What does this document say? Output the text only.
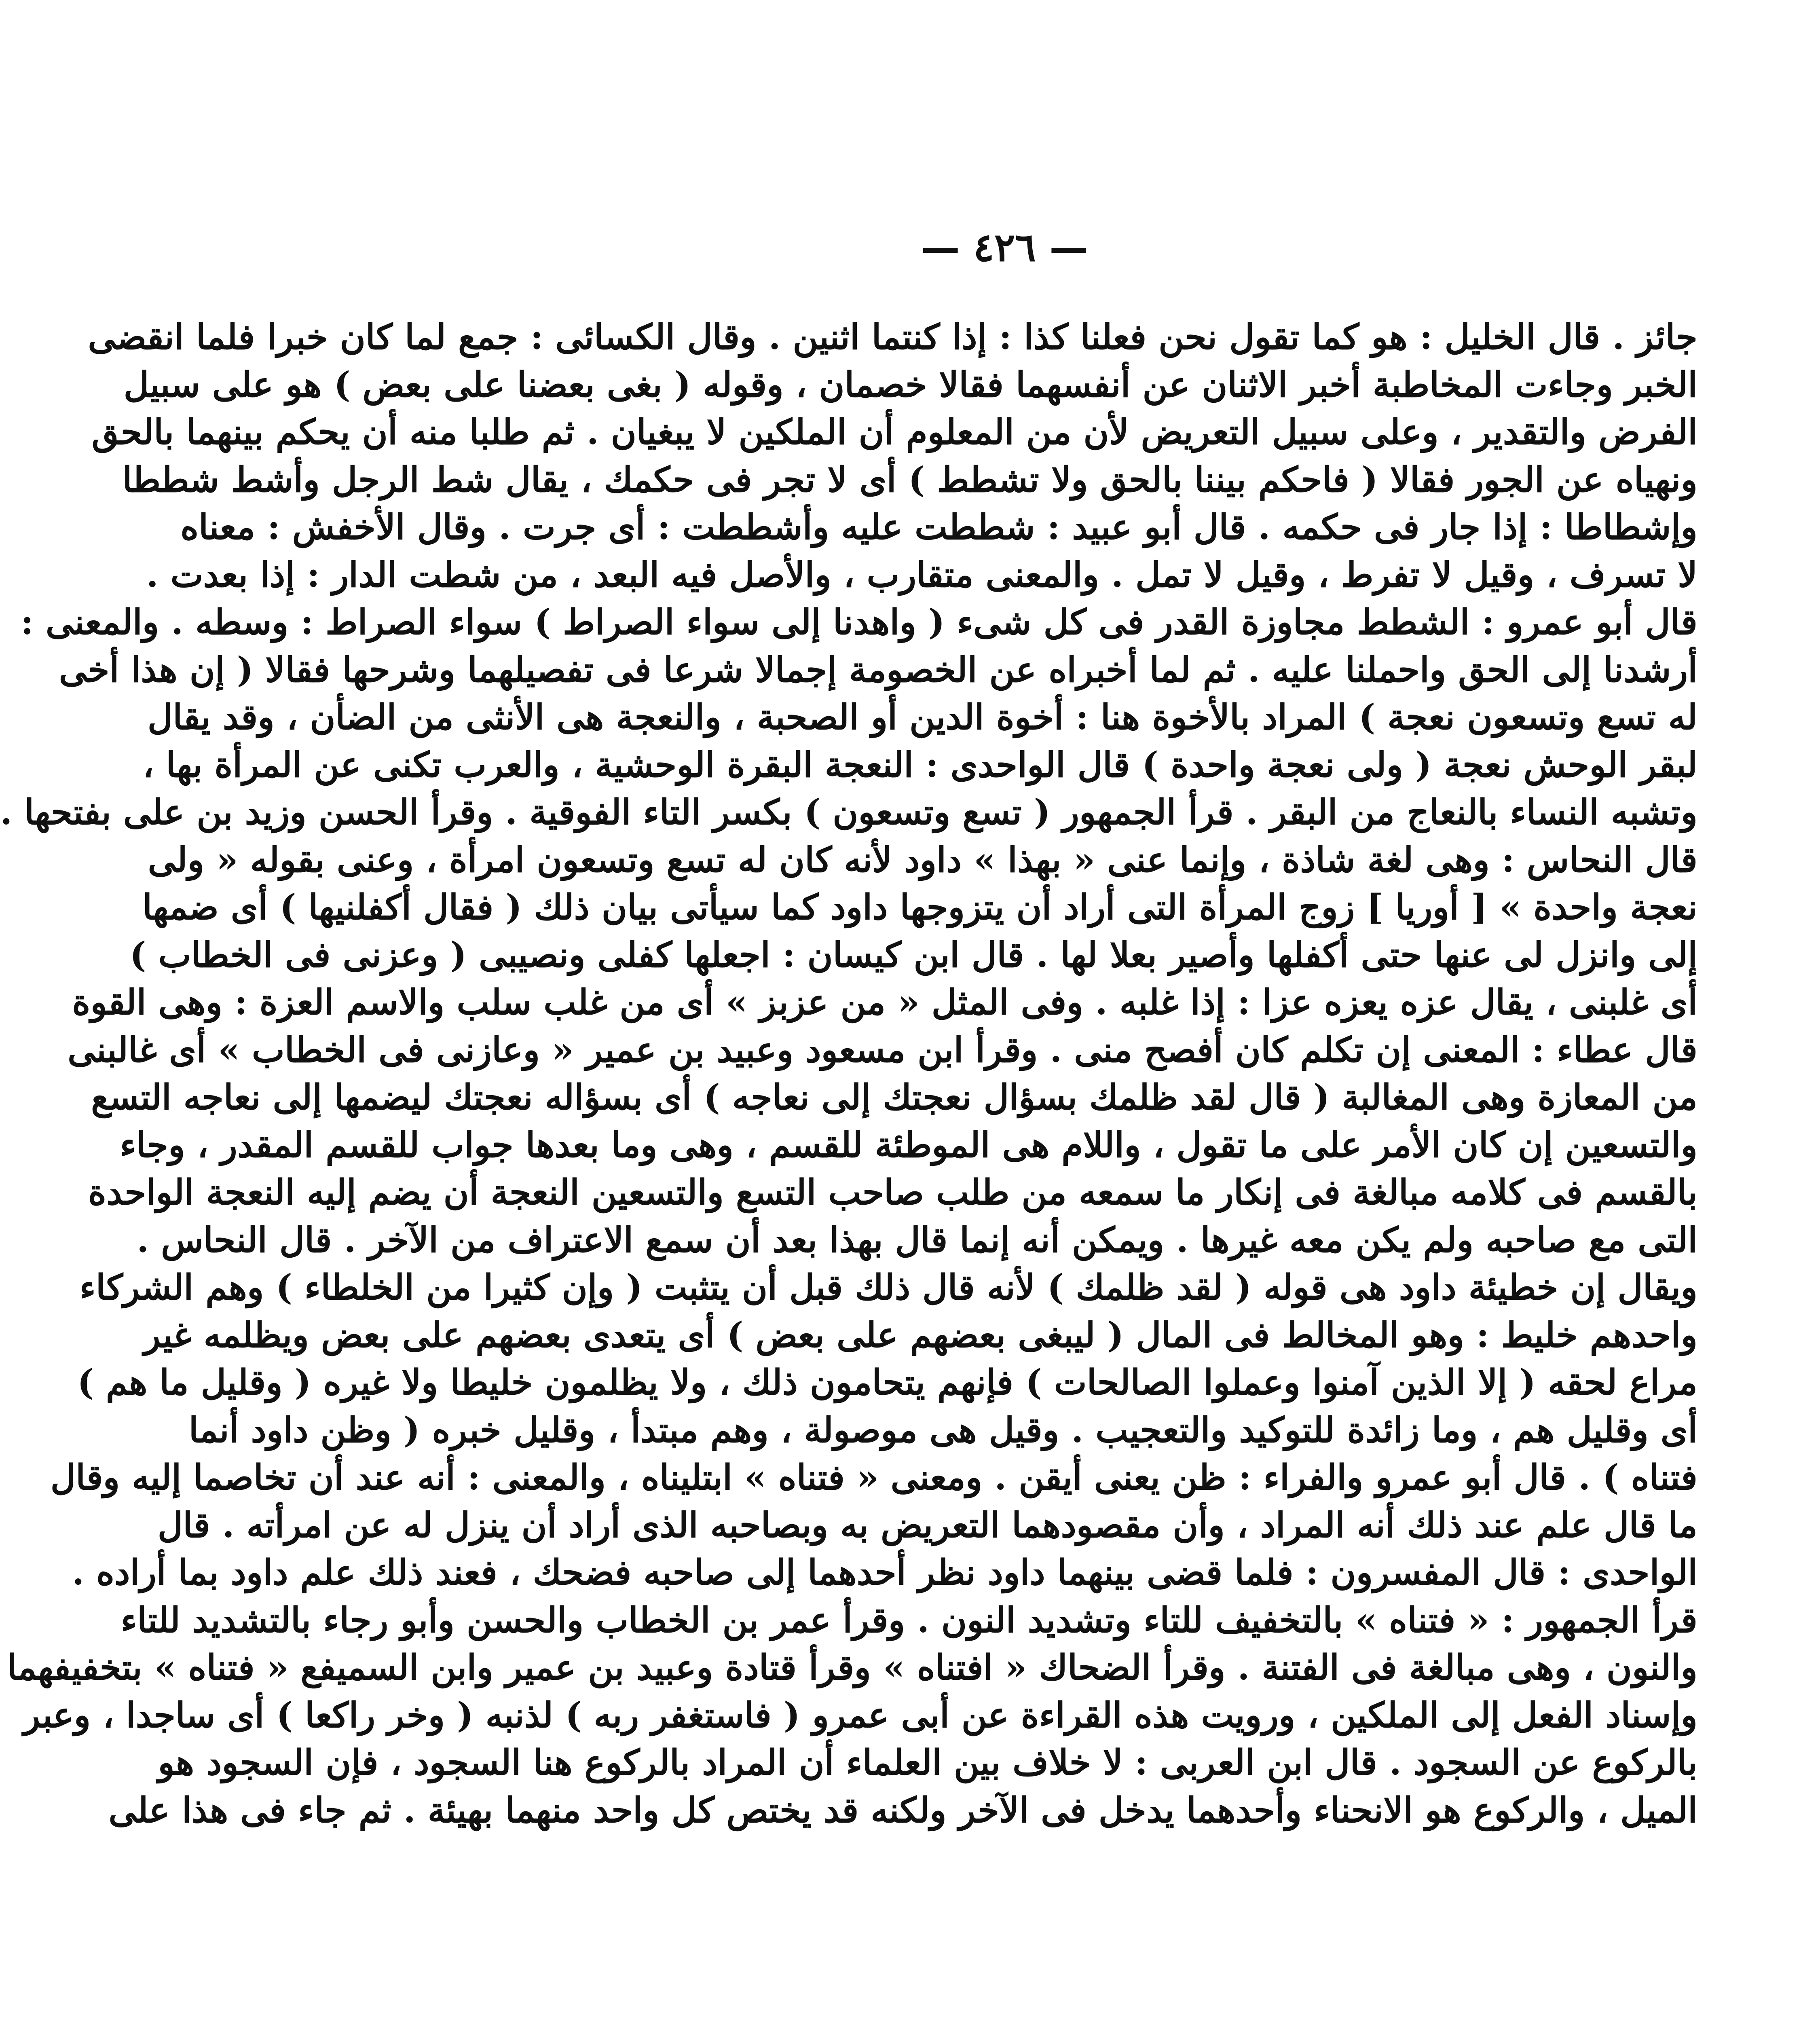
— ٤٢٦ —
جائز . قال الخليل : هو كما تقول نحن فعلنا كذا : إذا كنتما اثنين . وقال الكسائى : جمع لما كان خبرا فلما انقضى
الخبر وجاءت المخاطبة أخبر الاثنان عن أنفسهما فقالا خصمان ، وقوله ( بغى بعضنا على بعض ) هو على سبيل
الفرض والتقدير ، وعلى سبيل التعريض لأن من المعلوم أن الملكين لا يبغيان . ثم طلبا منه أن يحكم بينهما بالحق
ونهياه عن الجور فقالا ( فاحكم بيننا بالحق ولا تشطط ) أى لا تجر فى حكمك ، يقال شط الرجل وأشط شططا
وإشطاطا : إذا جار فى حكمه . قال أبو عبيد : شططت عليه وأشططت : أى جرت . وقال الأخفش : معناه
لا تسرف ، وقيل لا تفرط ، وقيل لا تمل . والمعنى متقارب ، والأصل فيه البعد ، من شطت الدار : إذا بعدت .
قال أبو عمرو : الشطط مجاوزة القدر فى كل شىء ( واهدنا إلى سواء الصراط ) سواء الصراط : وسطه . والمعنى :
أرشدنا إلى الحق واحملنا عليه . ثم لما أخبراه عن الخصومة إجمالا شرعا فى تفصيلهما وشرحها فقالا ( إن هذا أخى
له تسع وتسعون نعجة ) المراد بالأخوة هنا : أخوة الدين أو الصحبة ، والنعجة هى الأنثى من الضأن ، وقد يقال
لبقر الوحش نعجة ( ولى نعجة واحدة ) قال الواحدى : النعجة البقرة الوحشية ، والعرب تكنى عن المرأة بها ،
وتشبه النساء بالنعاج من البقر . قرأ الجمهور ( تسع وتسعون ) بكسر التاء الفوقية . وقرأ الحسن وزيد بن على بفتحها .
قال النحاس : وهى لغة شاذة ، وإنما عنى « بهذا » داود لأنه كان له تسع وتسعون امرأة ، وعنى بقوله « ولى
نعجة واحدة » [ أوريا ] زوج المرأة التى أراد أن يتزوجها داود كما سيأتى بيان ذلك ( فقال أكفلنيها ) أى ضمها
إلى وانزل لى عنها حتى أكفلها وأصير بعلا لها . قال ابن كيسان : اجعلها كفلى ونصيبى ( وعزنى فى الخطاب )
أى غلبنى ، يقال عزه يعزه عزا : إذا غلبه . وفى المثل « من عزبز » أى من غلب سلب والاسم العزة : وهى القوة
قال عطاء : المعنى إن تكلم كان أفصح منى . وقرأ ابن مسعود وعبيد بن عمير « وعازنى فى الخطاب » أى غالبنى
من المعازة وهى المغالبة ( قال لقد ظلمك بسؤال نعجتك إلى نعاجه ) أى بسؤاله نعجتك ليضمها إلى نعاجه التسع
والتسعين إن كان الأمر على ما تقول ، واللام هى الموطئة للقسم ، وهى وما بعدها جواب للقسم المقدر ، وجاء
بالقسم فى كلامه مبالغة فى إنكار ما سمعه من طلب صاحب التسع والتسعين النعجة أن يضم إليه النعجة الواحدة
التى مع صاحبه ولم يكن معه غيرها . ويمكن أنه إنما قال بهذا بعد أن سمع الاعتراف من الآخر . قال النحاس .
ويقال إن خطيئة داود هى قوله ( لقد ظلمك ) لأنه قال ذلك قبل أن يتثبت ( وإن كثيرا من الخلطاء ) وهم الشركاء
واحدهم خليط : وهو المخالط فى المال ( ليبغى بعضهم على بعض ) أى يتعدى بعضهم على بعض ويظلمه غير
مراع لحقه ( إلا الذين آمنوا وعملوا الصالحات ) فإنهم يتحامون ذلك ، ولا يظلمون خليطا ولا غيره ( وقليل ما هم )
أى وقليل هم ، وما زائدة للتوكيد والتعجيب . وقيل هى موصولة ، وهم مبتدأ ، وقليل خبره ( وظن داود أنما
فتناه ) . قال أبو عمرو والفراء : ظن يعنى أيقن . ومعنى « فتناه » ابتليناه ، والمعنى : أنه عند أن تخاصما إليه وقال
ما قال علم عند ذلك أنه المراد ، وأن مقصودهما التعريض به وبصاحبه الذى أراد أن ينزل له عن امرأته . قال
الواحدى : قال المفسرون : فلما قضى بينهما داود نظر أحدهما إلى صاحبه فضحك ، فعند ذلك علم داود بما أراده .
قرأ الجمهور : « فتناه » بالتخفيف للتاء وتشديد النون . وقرأ عمر بن الخطاب والحسن وأبو رجاء بالتشديد للتاء
والنون ، وهى مبالغة فى الفتنة . وقرأ الضحاك « افتناه » وقرأ قتادة وعبيد بن عمير وابن السميفع « فتناه » بتخفيفهما
وإسناد الفعل إلى الملكين ، ورويت هذه القراءة عن أبى عمرو ( فاستغفر ربه ) لذنبه ( وخر راكعا ) أى ساجدا ، وعبر
بالركوع عن السجود . قال ابن العربى : لا خلاف بين العلماء أن المراد بالركوع هنا السجود ، فإن السجود هو
الميل ، والركوع هو الانحناء وأحدهما يدخل فى الآخر ولكنه قد يختص كل واحد منهما بهيئة . ثم جاء فى هذا على
